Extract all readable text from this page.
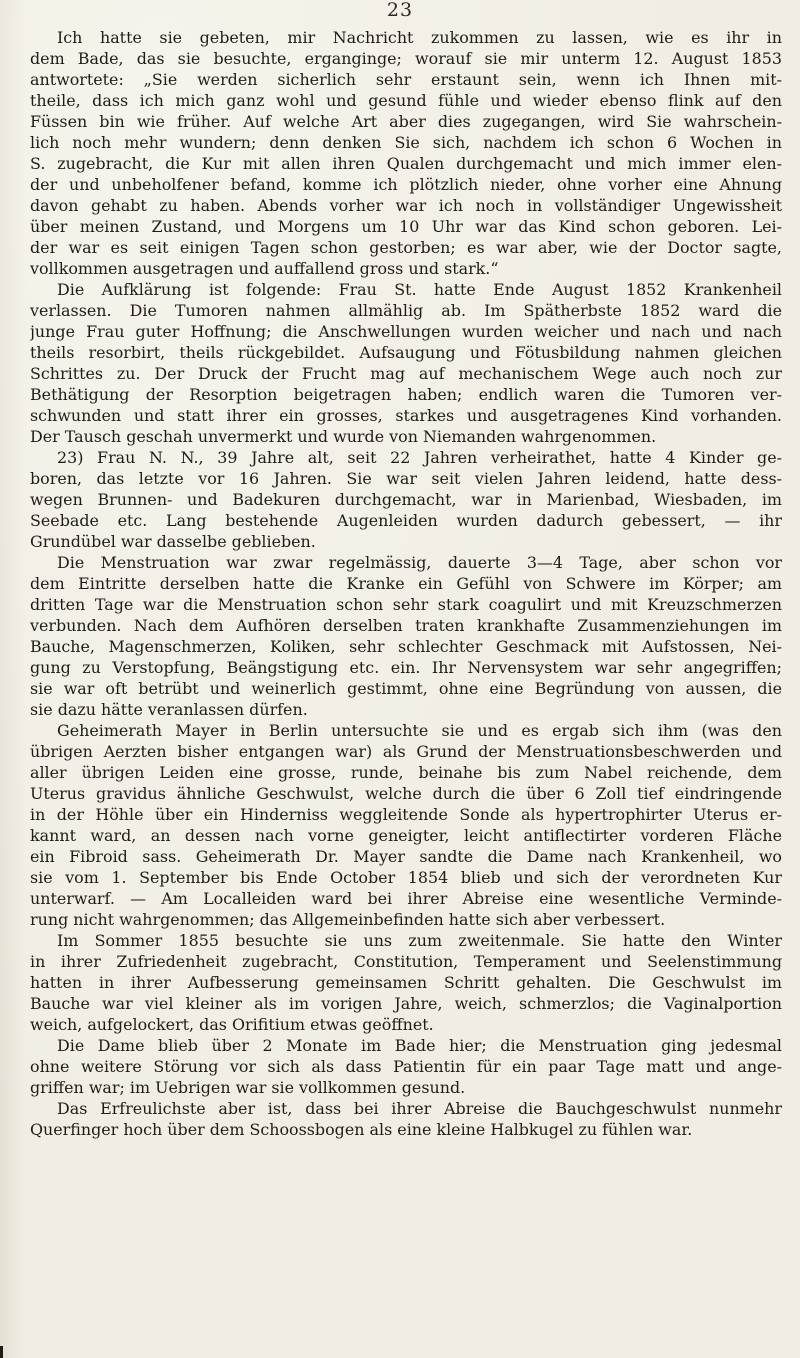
23
Ich hatte sie gebeten, mir Nachricht zukommen zu lassen, wie es ihr in
dem Bade, das sie besuchte, erganginge; worauf sie mir unterm 12. August 1853
antwortete: „Sie werden sicherlich sehr erstaunt sein, wenn ich Ihnen mit-
theile, dass ich mich ganz wohl und gesund fühle und wieder ebenso flink auf den
Füssen bin wie früher. Auf welche Art aber dies zugegangen, wird Sie wahrschein-
lich noch mehr wundern; denn denken Sie sich, nachdem ich schon 6 Wochen in
S. zugebracht, die Kur mit allen ihren Qualen durchgemacht und mich immer elen-
der und unbeholfener befand, komme ich plötzlich nieder, ohne vorher eine Ahnung
davon gehabt zu haben. Abends vorher war ich noch in vollständiger Ungewissheit
über meinen Zustand, und Morgens um 10 Uhr war das Kind schon geboren. Lei-
der war es seit einigen Tagen schon gestorben; es war aber, wie der Doctor sagte,
vollkommen ausgetragen und auffallend gross und stark.“
Die Aufklärung ist folgende: Frau St. hatte Ende August 1852 Krankenheil
verlassen. Die Tumoren nahmen allmählig ab. Im Spätherbste 1852 ward die
junge Frau guter Hoffnung; die Anschwellungen wurden weicher und nach und nach
theils resorbirt, theils rückgebildet. Aufsaugung und Fötusbildung nahmen gleichen
Schrittes zu. Der Druck der Frucht mag auf mechanischem Wege auch noch zur
Bethätigung der Resorption beigetragen haben; endlich waren die Tumoren ver-
schwunden und statt ihrer ein grosses, starkes und ausgetragenes Kind vorhanden.
Der Tausch geschah unvermerkt und wurde von Niemanden wahrgenommen.
23) Frau N. N., 39 Jahre alt, seit 22 Jahren verheirathet, hatte 4 Kinder ge-
boren, das letzte vor 16 Jahren. Sie war seit vielen Jahren leidend, hatte dess-
wegen Brunnen- und Badekuren durchgemacht, war in Marienbad, Wiesbaden, im
Seebade etc. Lang bestehende Augenleiden wurden dadurch gebessert, — ihr
Grundübel war dasselbe geblieben.
Die Menstruation war zwar regelmässig, dauerte 3—4 Tage, aber schon vor
dem Eintritte derselben hatte die Kranke ein Gefühl von Schwere im Körper; am
dritten Tage war die Menstruation schon sehr stark coagulirt und mit Kreuzschmerzen
verbunden. Nach dem Aufhören derselben traten krankhafte Zusammenziehungen im
Bauche, Magenschmerzen, Koliken, sehr schlechter Geschmack mit Aufstossen, Nei-
gung zu Verstopfung, Beängstigung etc. ein. Ihr Nervensystem war sehr angegriffen;
sie war oft betrübt und weinerlich gestimmt, ohne eine Begründung von aussen, die
sie dazu hätte veranlassen dürfen.
Geheimerath Mayer in Berlin untersuchte sie und es ergab sich ihm (was den
übrigen Aerzten bisher entgangen war) als Grund der Menstruationsbeschwerden und
aller übrigen Leiden eine grosse, runde, beinahe bis zum Nabel reichende, dem
Uterus gravidus ähnliche Geschwulst, welche durch die über 6 Zoll tief eindringende
in der Höhle über ein Hinderniss weggleitende Sonde als hypertrophirter Uterus er-
kannt ward, an dessen nach vorne geneigter, leicht antiflectirter vorderen Fläche
ein Fibroid sass. Geheimerath Dr. Mayer sandte die Dame nach Krankenheil, wo
sie vom 1. September bis Ende October 1854 blieb und sich der verordneten Kur
unterwarf. — Am Localleiden ward bei ihrer Abreise eine wesentliche Verminde-
rung nicht wahrgenommen; das Allgemeinbefinden hatte sich aber verbessert.
Im Sommer 1855 besuchte sie uns zum zweitenmale. Sie hatte den Winter
in ihrer Zufriedenheit zugebracht, Constitution, Temperament und Seelenstimmung
hatten in ihrer Aufbesserung gemeinsamen Schritt gehalten. Die Geschwulst im
Bauche war viel kleiner als im vorigen Jahre, weich, schmerzlos; die Vaginalportion
weich, aufgelockert, das Orifitium etwas geöffnet.
Die Dame blieb über 2 Monate im Bade hier; die Menstruation ging jedesmal
ohne weitere Störung vor sich als dass Patientin für ein paar Tage matt und ange-
griffen war; im Uebrigen war sie vollkommen gesund.
Das Erfreulichste aber ist, dass bei ihrer Abreise die Bauchgeschwulst nunmehr
Querfinger hoch über dem Schoossbogen als eine kleine Halbkugel zu fühlen war.
